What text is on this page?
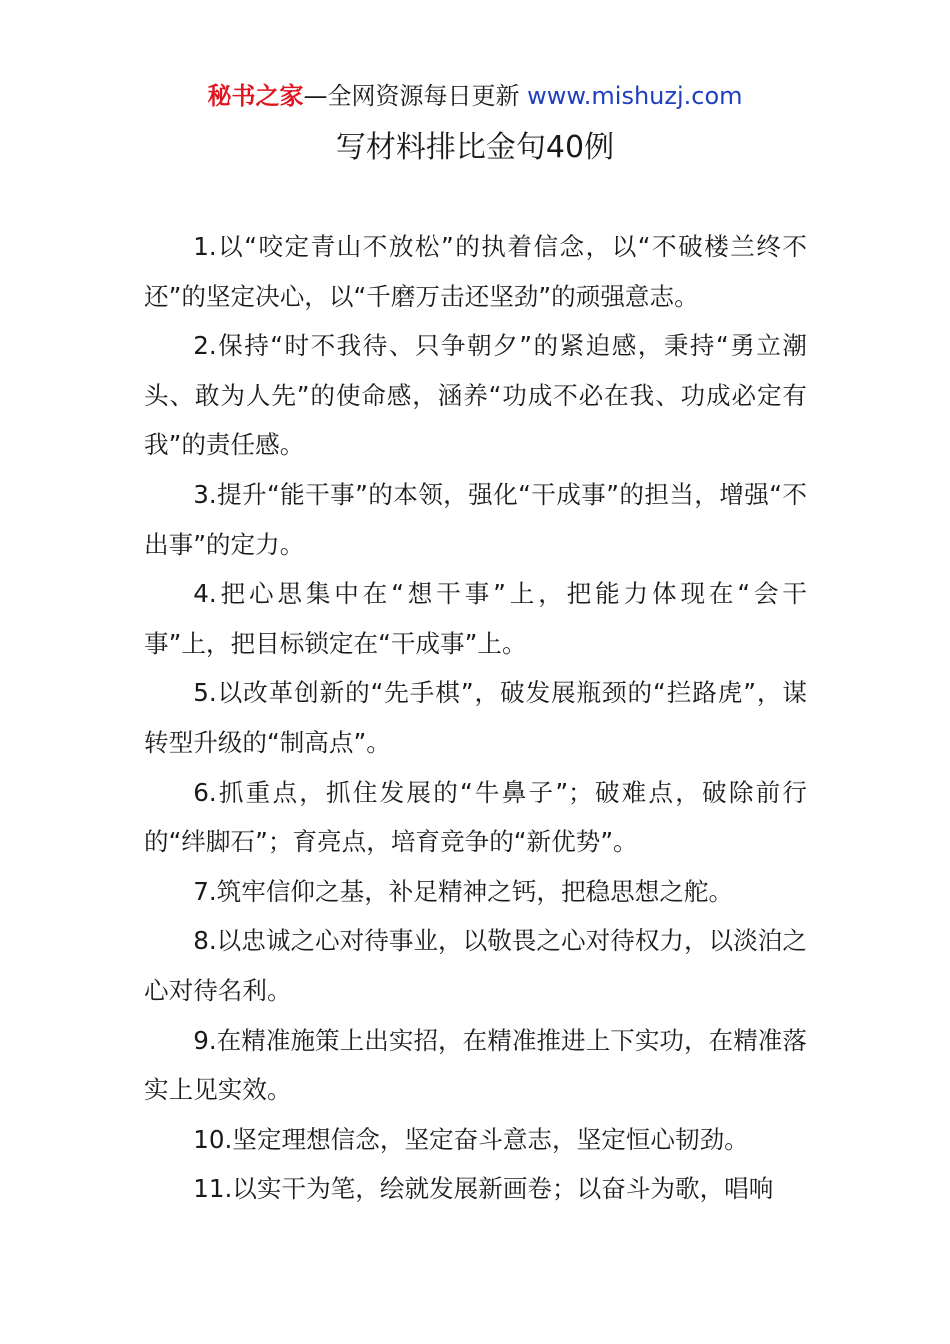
秘书之家—全网资源每日更新 www.mishuzj.com
写材料排比金句40例

1.以“咬定青山不放松”的执着信念，以“不破楼兰终不还”的坚定决心，以“千磨万击还坚劲”的顽强意志。

2.保持“时不我待、只争朝夕”的紧迫感，秉持“勇立潮头、敢为人先”的使命感，涵养“功成不必在我、功成必定有我”的责任感。

3.提升“能干事”的本领，强化“干成事”的担当，增强“不出事”的定力。

4.把心思集中在“想干事”上，把能力体现在“会干事”上，把目标锁定在“干成事”上。

5.以改革创新的“先手棋”，破发展瓶颈的“拦路虎”，谋转型升级的“制高点”。

6.抓重点，抓住发展的“牛鼻子”；破难点，破除前行的“绊脚石”；育亮点，培育竞争的“新优势”。

7.筑牢信仰之基，补足精神之钙，把稳思想之舵。

8.以忠诚之心对待事业，以敬畏之心对待权力，以淡泊之心对待名利。

9.在精准施策上出实招，在精准推进上下实功，在精准落实上见实效。

10.坚定理想信念，坚定奋斗意志，坚定恒心韧劲。

11.以实干为笔，绘就发展新画卷；以奋斗为歌，唱响
